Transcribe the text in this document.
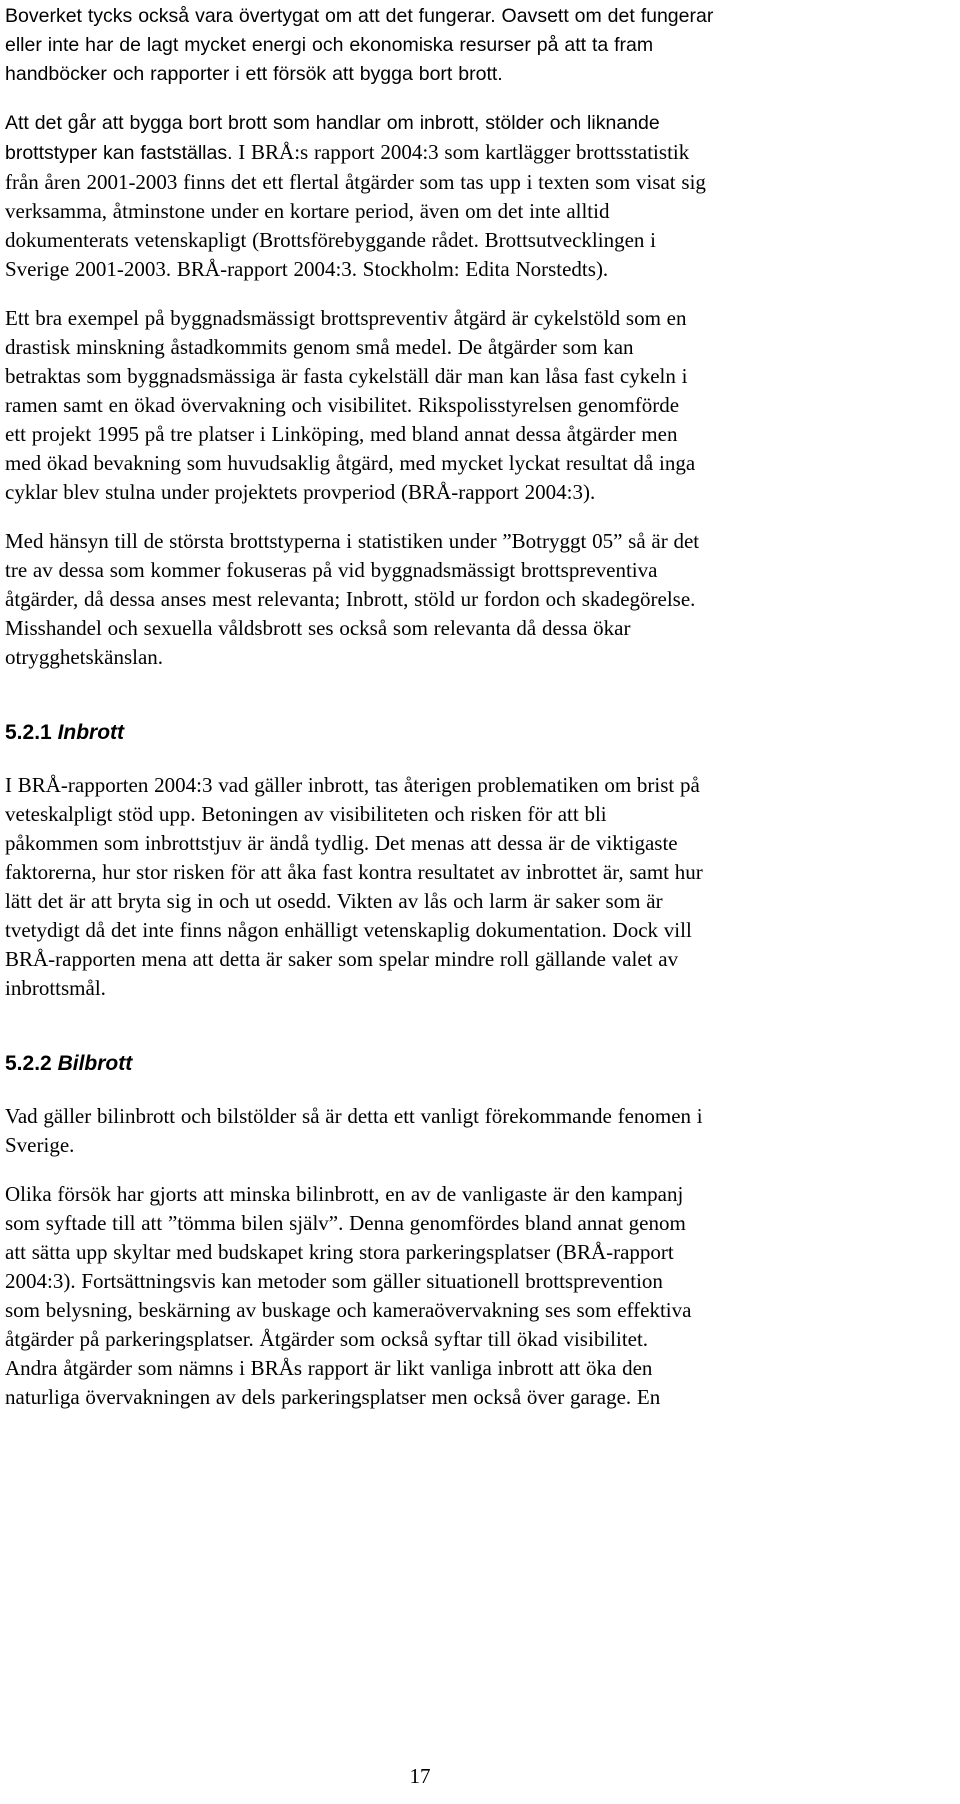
Boverket tycks också vara övertygat om att det fungerar. Oavsett om det fungerar
eller inte har de lagt mycket energi och ekonomiska resurser på att ta fram
handböcker och rapporter i ett försök att bygga bort brott.

Att det går att bygga bort brott som handlar om inbrott, stölder och liknande
brottstyper kan fastställas. I BRÅ:s rapport 2004:3 som kartlägger brottsstatistik
från åren 2001-2003 finns det ett flertal åtgärder som tas upp i texten som visat sig
verksamma, åtminstone under en kortare period, även om det inte alltid
dokumenterats vetenskapligt (Brottsförebyggande rådet. Brottsutvecklingen i
Sverige 2001-2003. BRÅ-rapport 2004:3. Stockholm: Edita Norstedts).

Ett bra exempel på byggnadsmässigt brottspreventiv åtgärd är cykelstöld som en
drastisk minskning åstadkommits genom små medel. De åtgärder som kan
betraktas som byggnadsmässiga är fasta cykelställ där man kan låsa fast cykeln i
ramen samt en ökad övervakning och visibilitet. Rikspolisstyrelsen genomförde
ett projekt 1995 på tre platser i Linköping, med bland annat dessa åtgärder men
med ökad bevakning som huvudsaklig åtgärd, med mycket lyckat resultat då inga
cyklar blev stulna under projektets provperiod (BRÅ-rapport 2004:3).

Med hänsyn till de största brottstyperna i statistiken under ”Botryggt 05” så är det
tre av dessa som kommer fokuseras på vid byggnadsmässigt brottspreventiva
åtgärder, då dessa anses mest relevanta; Inbrott, stöld ur fordon och skadegörelse.
Misshandel och sexuella våldsbrott ses också som relevanta då dessa ökar
otrygghetskänslan.

5.2.1 Inbrott

I BRÅ-rapporten 2004:3 vad gäller inbrott, tas återigen problematiken om brist på
veteskalpligt stöd upp. Betoningen av visibiliteten och risken för att bli
påkommen som inbrottstjuv är ändå tydlig. Det menas att dessa är de viktigaste
faktorerna, hur stor risken för att åka fast kontra resultatet av inbrottet är, samt hur
lätt det är att bryta sig in och ut osedd. Vikten av lås och larm är saker som är
tvetydigt då det inte finns någon enhälligt vetenskaplig dokumentation. Dock vill
BRÅ-rapporten mena att detta är saker som spelar mindre roll gällande valet av
inbrottsmål.

5.2.2 Bilbrott

Vad gäller bilinbrott och bilstölder så är detta ett vanligt förekommande fenomen i
Sverige.

Olika försök har gjorts att minska bilinbrott, en av de vanligaste är den kampanj
som syftade till att ”tömma bilen själv”. Denna genomfördes bland annat genom
att sätta upp skyltar med budskapet kring stora parkeringsplatser (BRÅ-rapport
2004:3). Fortsättningsvis kan metoder som gäller situationell brottsprevention
som belysning, beskärning av buskage och kameraövervakning ses som effektiva
åtgärder på parkeringsplatser. Åtgärder som också syftar till ökad visibilitet.
Andra åtgärder som nämns i BRÅs rapport är likt vanliga inbrott att öka den
naturliga övervakningen av dels parkeringsplatser men också över garage. En

17
